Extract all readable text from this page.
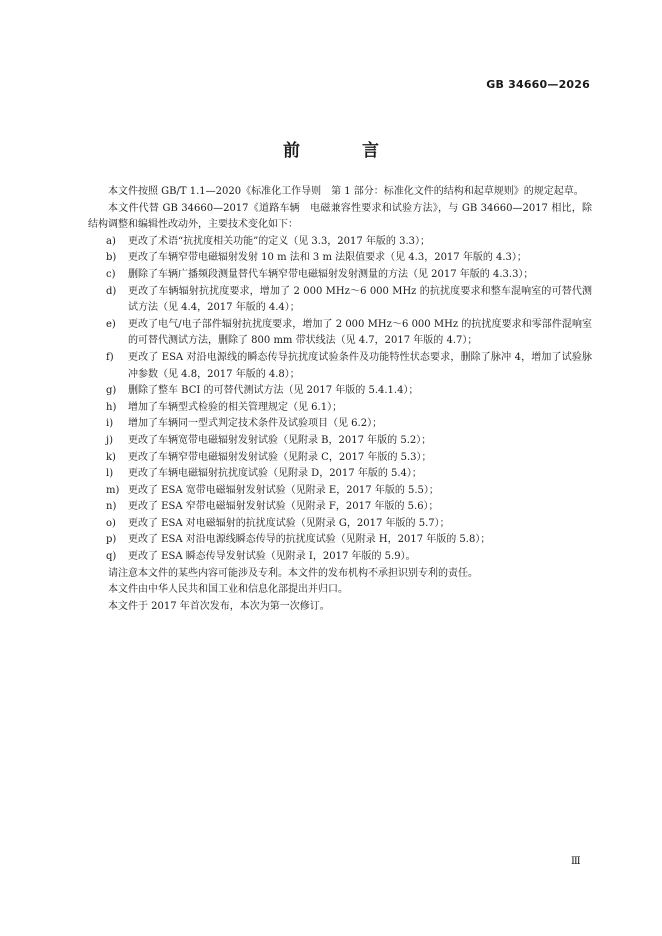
GB 34660—2026
前 言

本文件按照 GB/T 1.1—2020《标准化工作导则　第 1 部分：标准化文件的结构和起草规则》的规定起草。

本文件代替 GB 34660—2017《道路车辆　电磁兼容性要求和试验方法》，与 GB 34660—2017 相比，除结构调整和编辑性改动外，主要技术变化如下：

a)	更改了术语“抗扰度相关功能”的定义（见 3.3，2017 年版的 3.3）；
b)	更改了车辆窄带电磁辐射发射 10 m 法和 3 m 法限值要求（见 4.3，2017 年版的 4.3）；
c)	删除了车辆广播频段测量替代车辆窄带电磁辐射发射测量的方法（见 2017 年版的 4.3.3）；
d)	更改了车辆辐射抗扰度要求，增加了 2 000 MHz～6 000 MHz 的抗扰度要求和整车混响室的可替代测试方法（见 4.4，2017 年版的 4.4）；
e)	更改了电气/电子部件辐射抗扰度要求，增加了 2 000 MHz～6 000 MHz 的抗扰度要求和零部件混响室的可替代测试方法，删除了 800 mm 带状线法（见 4.7，2017 年版的 4.7）；
f)	更改了 ESA 对沿电源线的瞬态传导抗扰度试验条件及功能特性状态要求，删除了脉冲 4，增加了试验脉冲参数（见 4.8，2017 年版的 4.8）；
g)	删除了整车 BCI 的可替代测试方法（见 2017 年版的 5.4.1.4）；
h)	增加了车辆型式检验的相关管理规定（见 6.1）；
i)	增加了车辆同一型式判定技术条件及试验项目（见 6.2）；
j)	更改了车辆宽带电磁辐射发射试验（见附录 B，2017 年版的 5.2）；
k)	更改了车辆窄带电磁辐射发射试验（见附录 C，2017 年版的 5.3）；
l)	更改了车辆电磁辐射抗扰度试验（见附录 D，2017 年版的 5.4）；
m) 更改了 ESA 宽带电磁辐射发射试验（见附录 E，2017 年版的 5.5）；
n)	更改了 ESA 窄带电磁辐射发射试验（见附录 F，2017 年版的 5.6）；
o)	更改了 ESA 对电磁辐射的抗扰度试验（见附录 G，2017 年版的 5.7）；
p)	更改了 ESA 对沿电源线瞬态传导的抗扰度试验（见附录 H，2017 年版的 5.8）；
q)	更改了 ESA 瞬态传导发射试验（见附录 I，2017 年版的 5.9）。

请注意本文件的某些内容可能涉及专利。本文件的发布机构不承担识别专利的责任。

本文件由中华人民共和国工业和信息化部提出并归口。

本文件于 2017 年首次发布，本次为第一次修订。

Ⅲ
